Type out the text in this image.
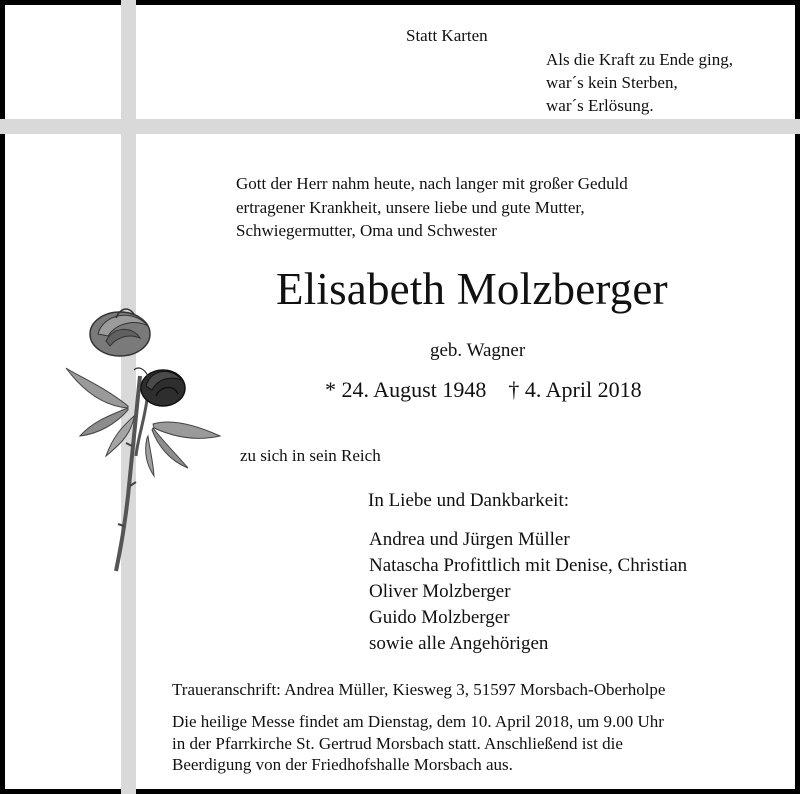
Statt Karten
Als die Kraft zu Ende ging,
war´s kein Sterben,
war´s Erlösung.
Gott der Herr nahm heute, nach langer mit großer Geduld
ertragener Krankheit, unsere liebe und gute Mutter,
Schwiegermutter, Oma und Schwester
Elisabeth Molzberger
geb. Wagner
* 24. August 1948 † 4. April 2018
zu sich in sein Reich
In Liebe und Dankbarkeit:
Andrea und Jürgen Müller
Natascha Profittlich mit Denise, Christian
Oliver Molzberger
Guido Molzberger
sowie alle Angehörigen
Traueranschrift: Andrea Müller, Kiesweg 3, 51597 Morsbach-Oberholpe
Die heilige Messe findet am Dienstag, dem 10. April 2018, um 9.00 Uhr
in der Pfarrkirche St. Gertrud Morsbach statt. Anschließend ist die
Beerdigung von der Friedhofshalle Morsbach aus.
